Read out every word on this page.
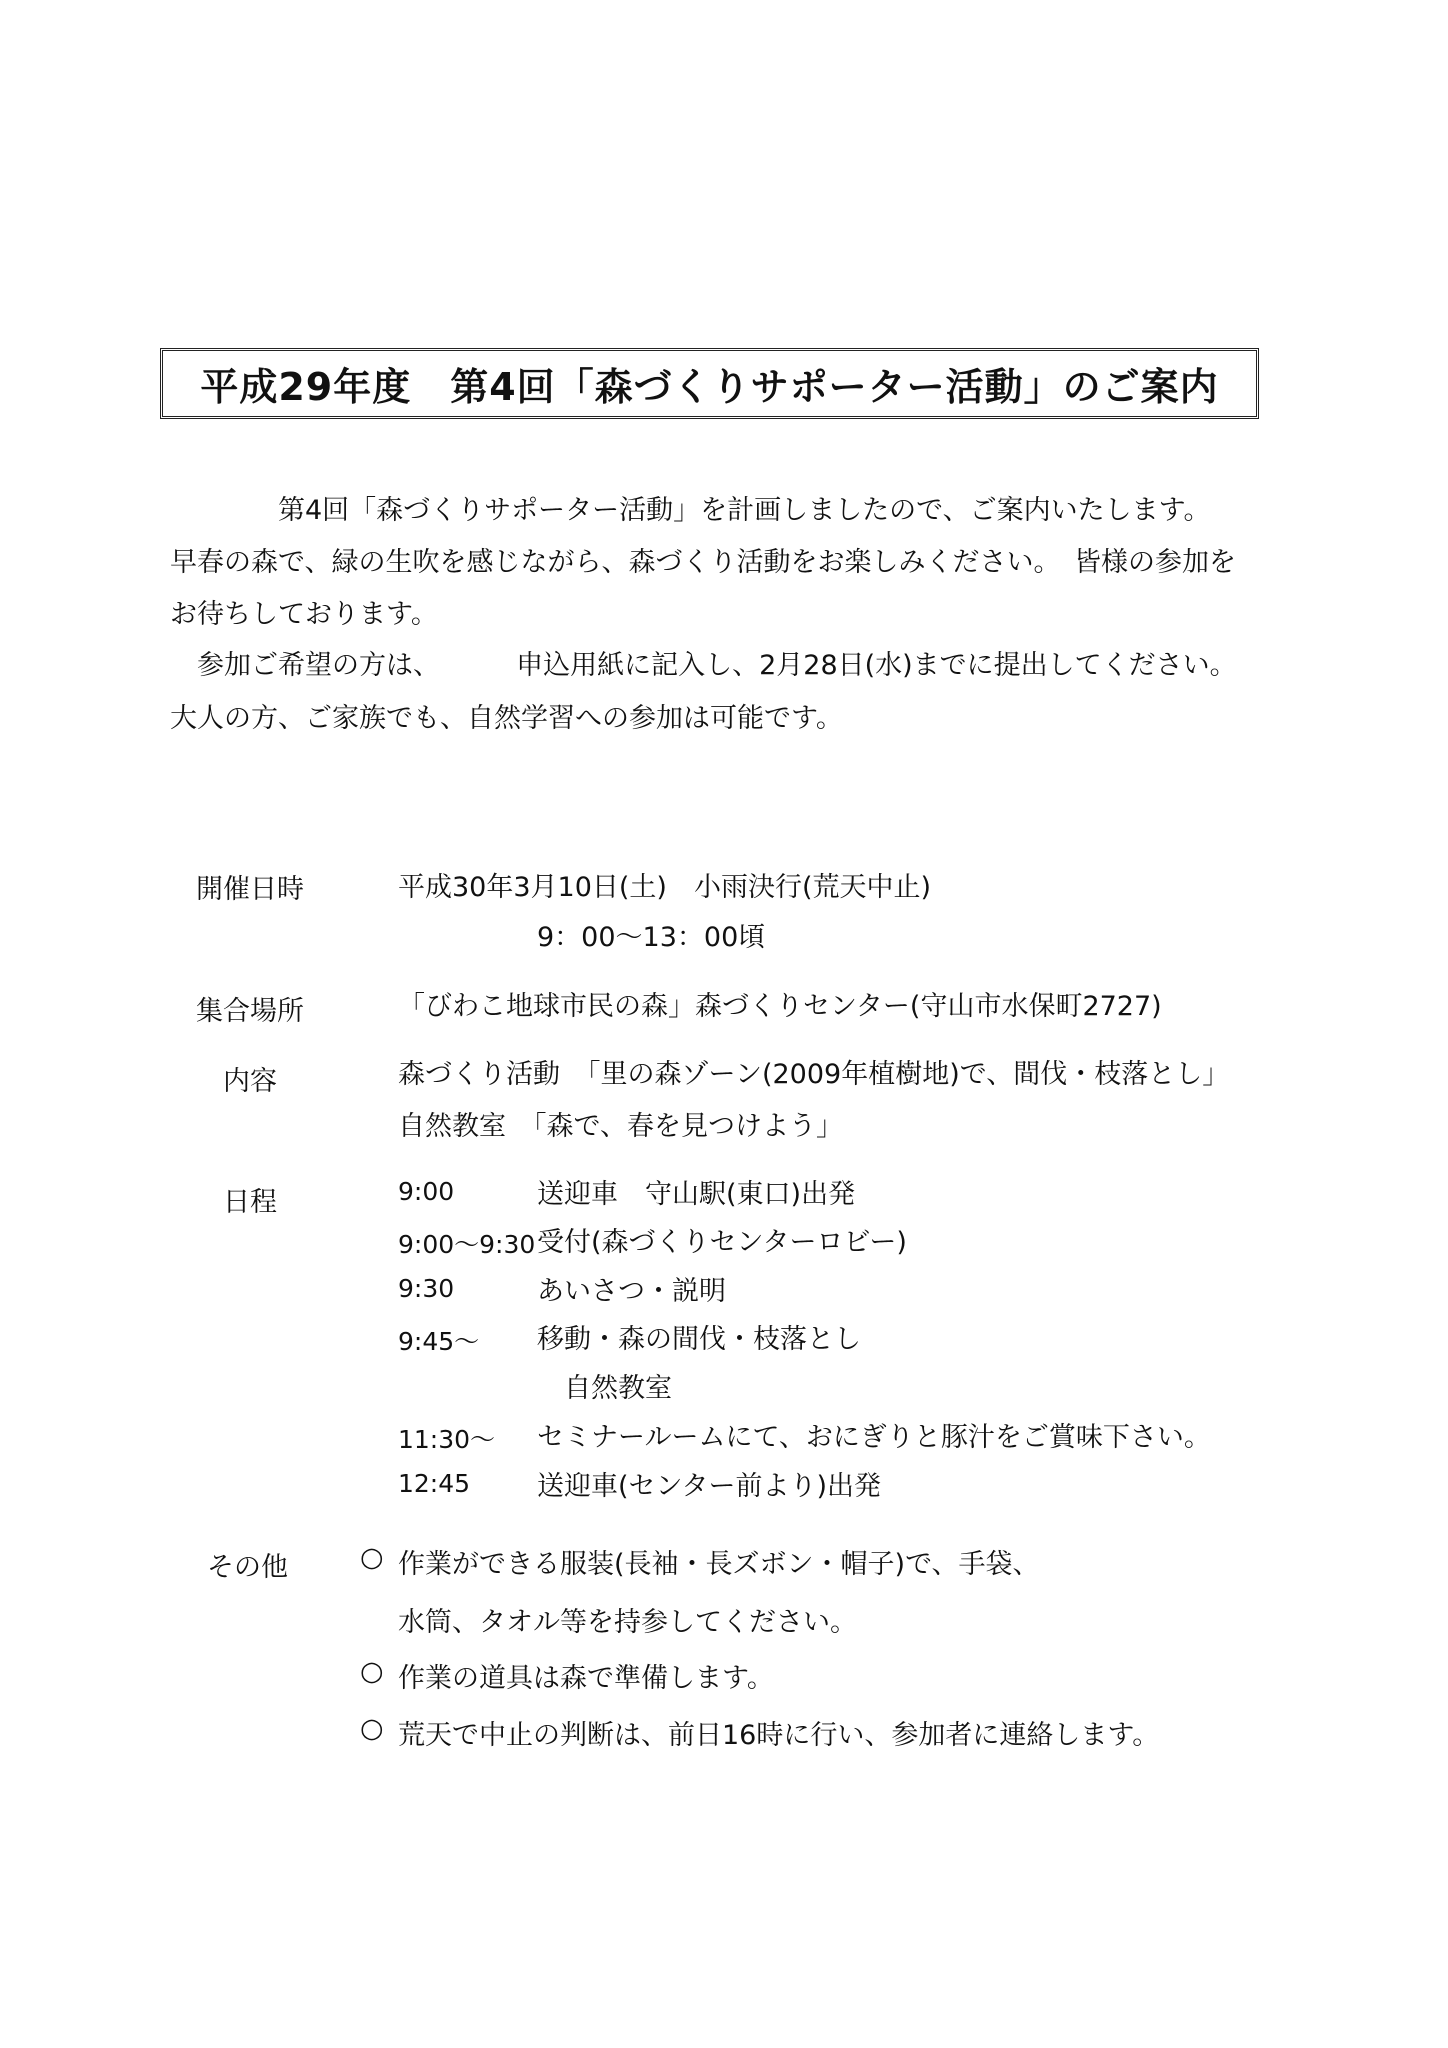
平成29年度　第4回「森づくりサポーター活動」のご案内
　　　　第4回「森づくりサポーター活動」を計画しましたので、ご案内いたします。
早春の森で、緑の生吹を感じながら、森づくり活動をお楽しみください。　皆様の参加を
お待ちしております。
　参加ご希望の方は、　　　 申込用紙に記入し、2月28日(水)までに提出してください。
大人の方、ご家族でも、自然学習への参加は可能です。
開催日時	平成30年3月10日(土)　小雨決行(荒天中止)
9：00～13：00頃
集合場所	「びわこ地球市民の森」森づくりセンター(守山市水保町2727)
内容	森づくり活動　「里の森ゾーン(2009年植樹地)で、間伐・枝落とし」
自然教室　「森で、春を見つけよう」
日程	9:00	送迎車　守山駅(東口)出発
9:00～9:30 受付(森づくりセンターロビー)
9:30	あいさつ・説明
9:45～ 移動・森の間伐・枝落とし
　自然教室
11:30～ セミナールームにて、おにぎりと豚汁をご賞味下さい。
12:45 送迎車(センター前より)出発
その他	○ 作業ができる服装(長袖・長ズボン・帽子)で、手袋、
水筒、タオル等を持参してください。
○ 作業の道具は森で準備します。
○ 荒天で中止の判断は、前日16時に行い、参加者に連絡します。
